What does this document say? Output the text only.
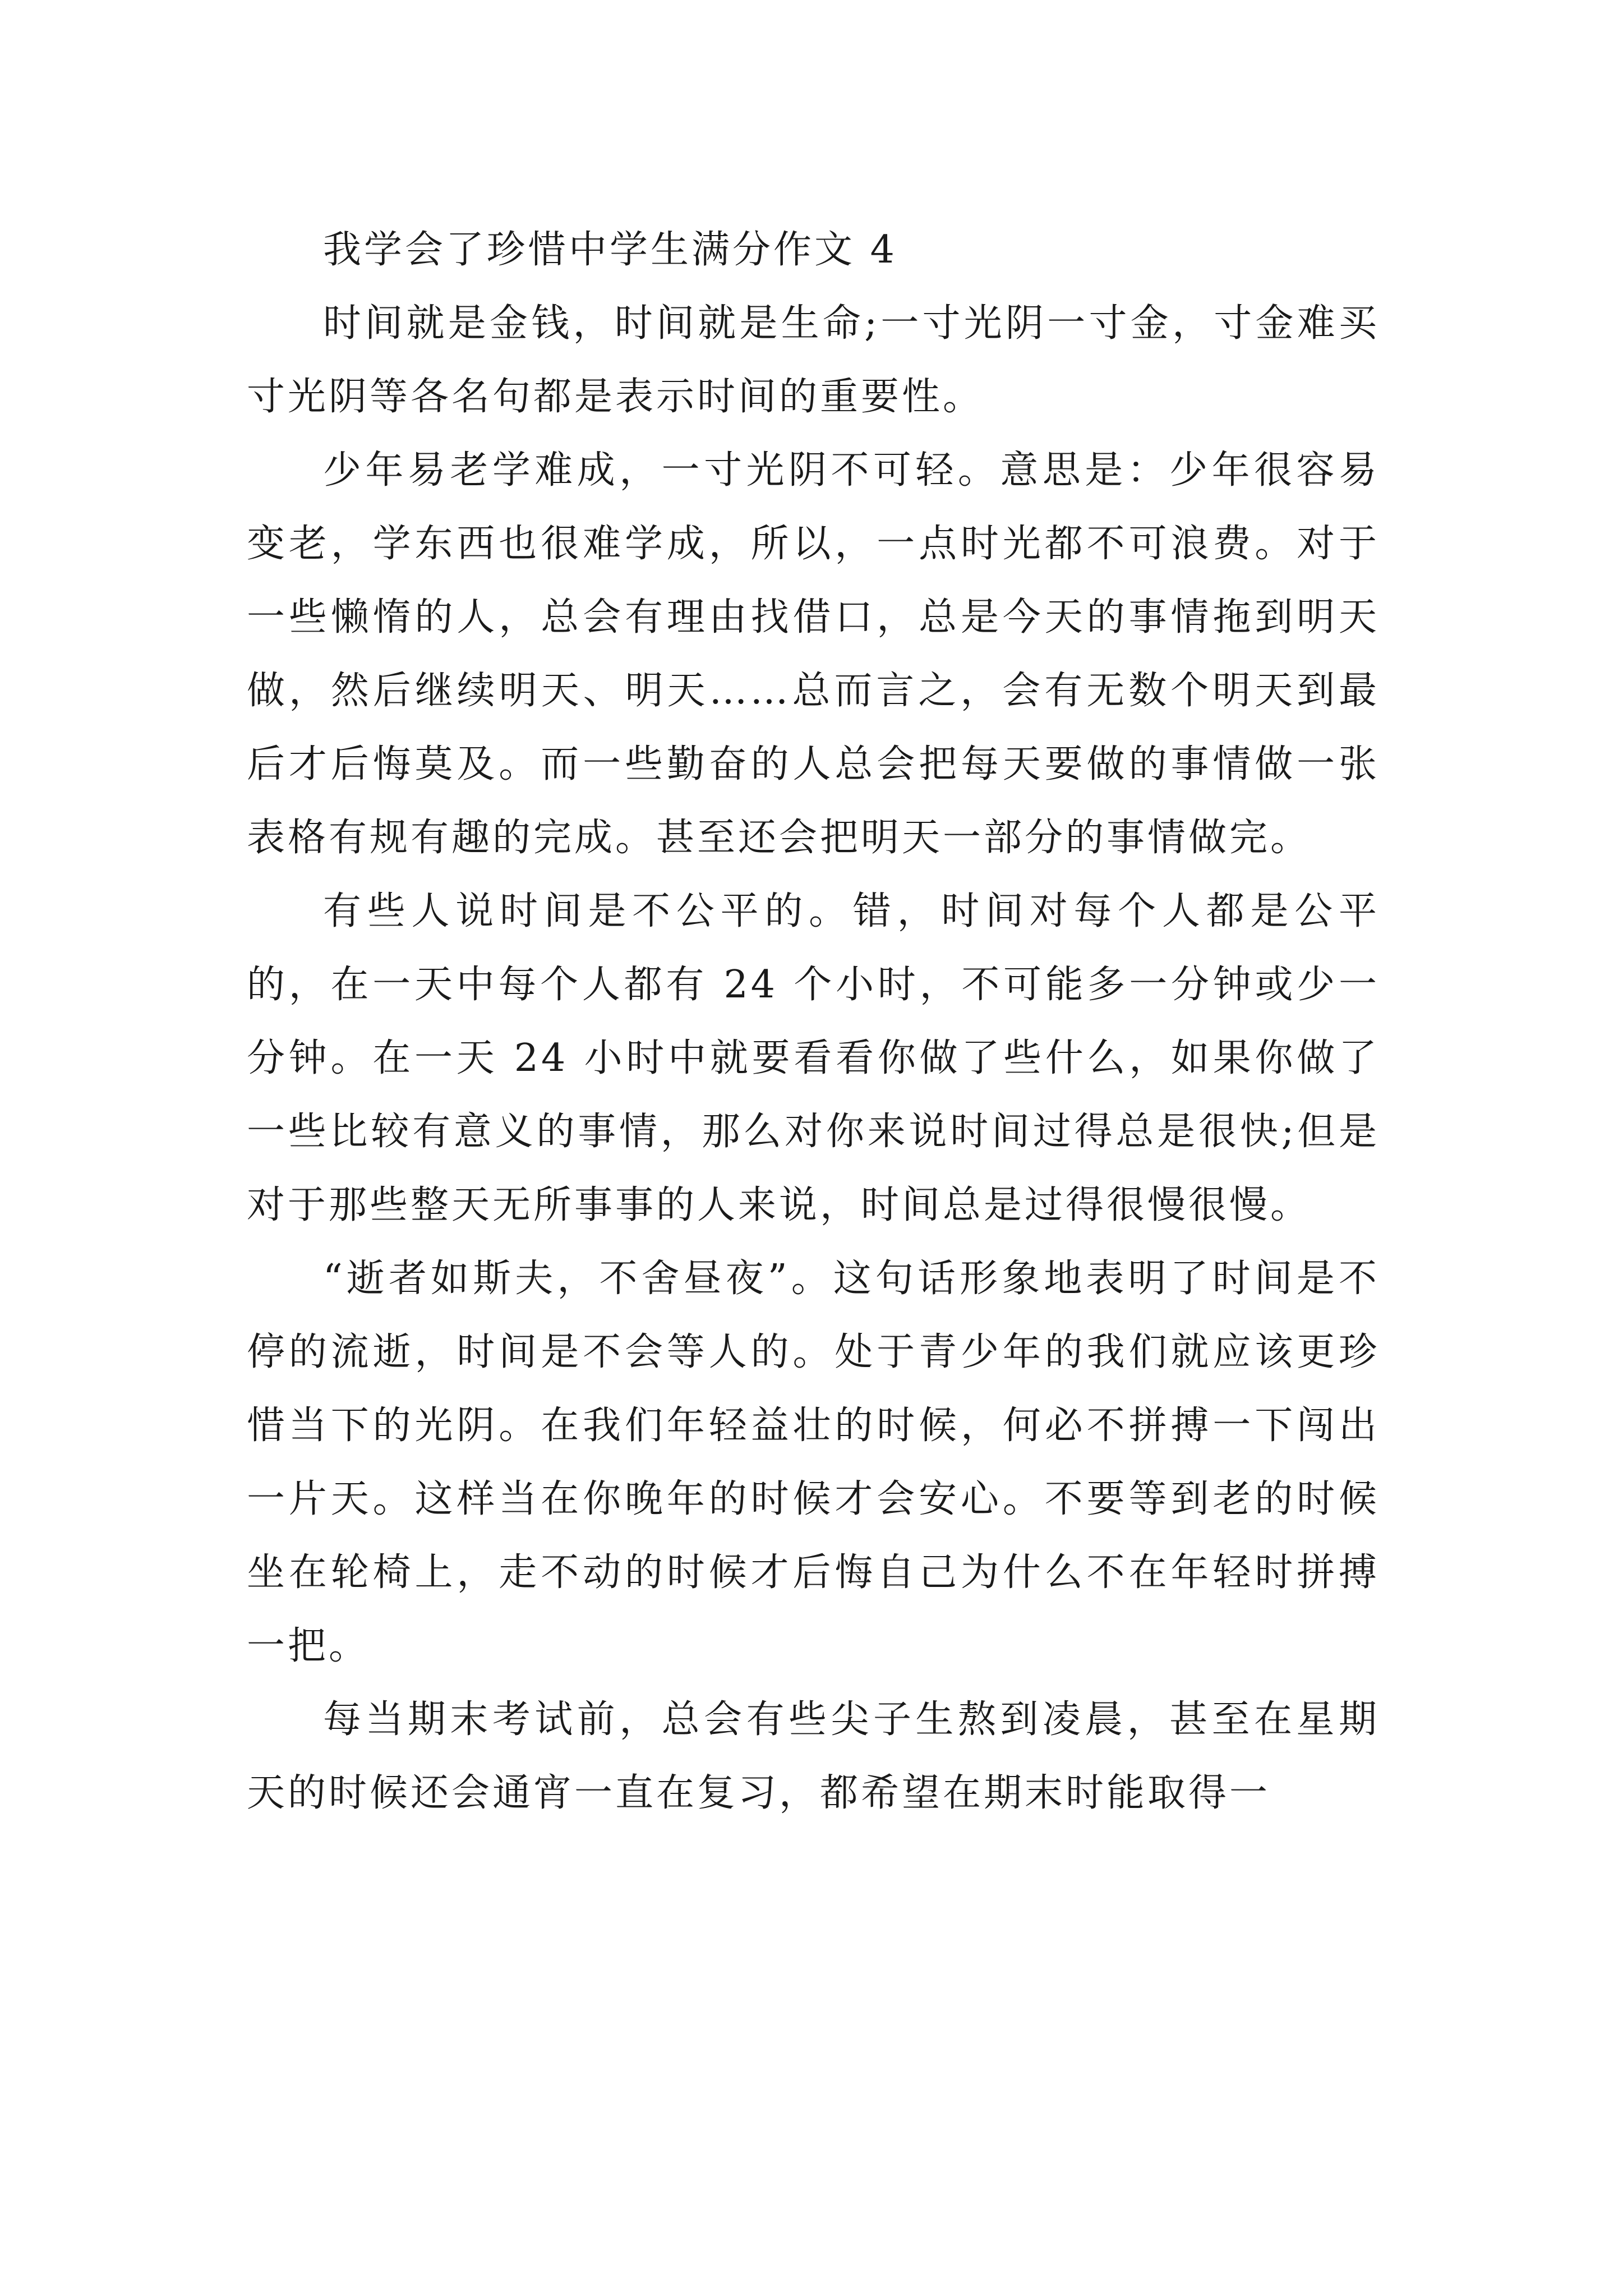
我学会了珍惜中学生满分作文 4

时间就是金钱，时间就是生命;一寸光阴一寸金，寸金难买寸光阴等各名句都是表示时间的重要性。

少年易老学难成，一寸光阴不可轻。意思是：少年很容易变老，学东西也很难学成，所以，一点时光都不可浪费。对于一些懒惰的人，总会有理由找借口，总是今天的事情拖到明天做，然后继续明天、明天……总而言之，会有无数个明天到最后才后悔莫及。而一些勤奋的人总会把每天要做的事情做一张表格有规有趣的完成。甚至还会把明天一部分的事情做完。

有些人说时间是不公平的。错，时间对每个人都是公平的，在一天中每个人都有 24 个小时，不可能多一分钟或少一分钟。在一天 24 小时中就要看看你做了些什么，如果你做了一些比较有意义的事情，那么对你来说时间过得总是很快;但是对于那些整天无所事事的人来说，时间总是过得很慢很慢。

“逝者如斯夫，不舍昼夜”。这句话形象地表明了时间是不停的流逝，时间是不会等人的。处于青少年的我们就应该更珍惜当下的光阴。在我们年轻益壮的时候，何必不拼搏一下闯出一片天。这样当在你晚年的时候才会安心。不要等到老的时候坐在轮椅上，走不动的时候才后悔自己为什么不在年轻时拼搏一把。

每当期末考试前，总会有些尖子生熬到凌晨，甚至在星期天的时候还会通宵一直在复习，都希望在期末时能取得一
